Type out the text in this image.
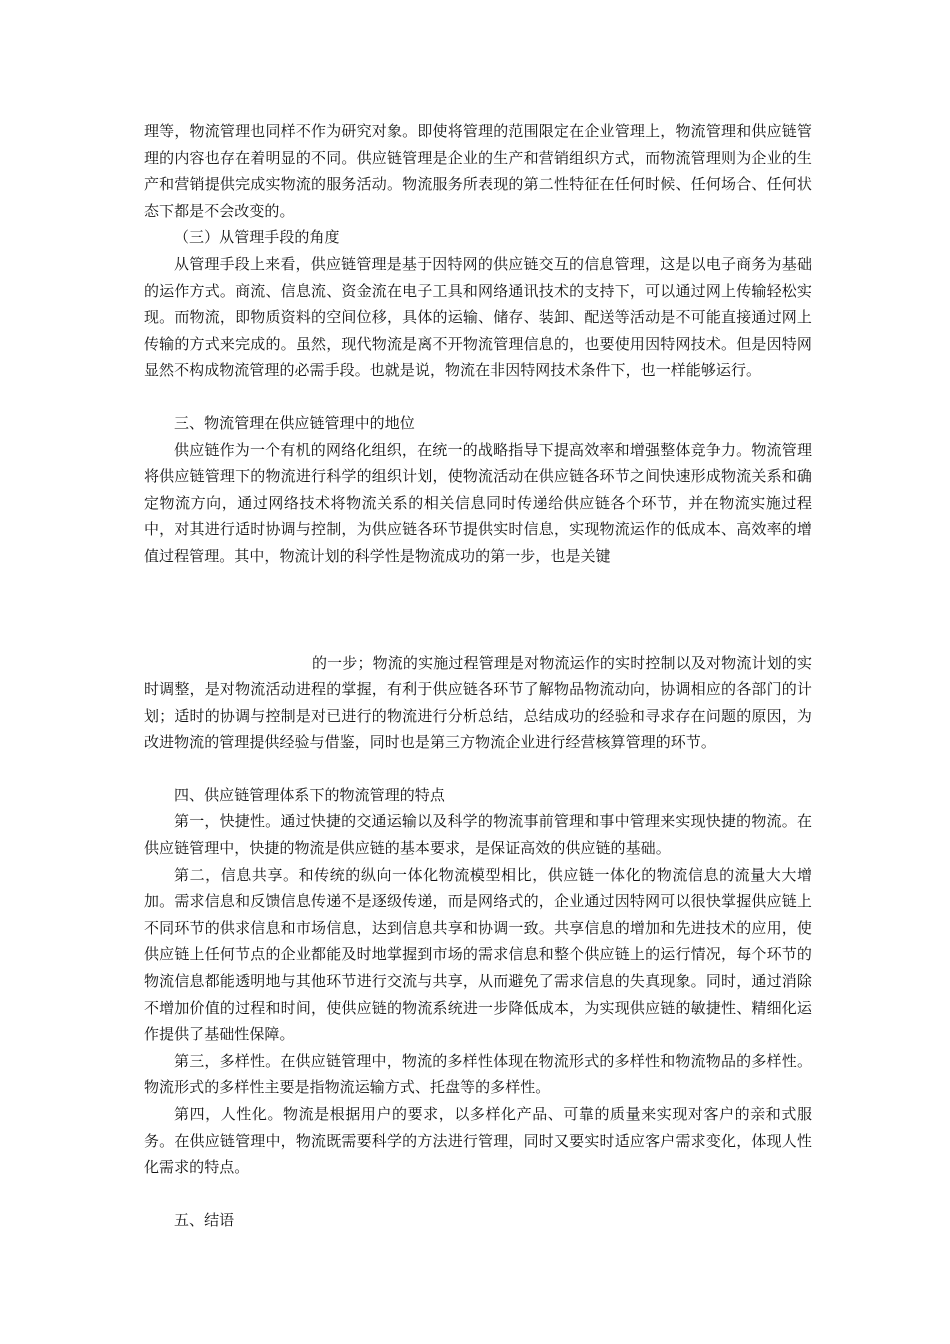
理等，物流管理也同样不作为研究对象。即使将管理的范围限定在企业管理上，物流管理和供应链管理的内容也存在着明显的不同。供应链管理是企业的生产和营销组织方式，而物流管理则为企业的生产和营销提供完成实物流的服务活动。物流服务所表现的第二性特征在任何时候、任何场合、任何状态下都是不会改变的。

（三）从管理手段的角度

从管理手段上来看，供应链管理是基于因特网的供应链交互的信息管理，这是以电子商务为基础的运作方式。商流、信息流、资金流在电子工具和网络通讯技术的支持下，可以通过网上传输轻松实现。而物流，即物质资料的空间位移，具体的运输、储存、装卸、配送等活动是不可能直接通过网上传输的方式来完成的。虽然，现代物流是离不开物流管理信息的，也要使用因特网技术。但是因特网显然不构成物流管理的必需手段。也就是说，物流在非因特网技术条件下，也一样能够运行。

三、物流管理在供应链管理中的地位

供应链作为一个有机的网络化组织，在统一的战略指导下提高效率和增强整体竞争力。物流管理将供应链管理下的物流进行科学的组织计划，使物流活动在供应链各环节之间快速形成物流关系和确定物流方向，通过网络技术将物流关系的相关信息同时传递给供应链各个环节，并在物流实施过程中，对其进行适时协调与控制，为供应链各环节提供实时信息，实现物流运作的低成本、高效率的增值过程管理。其中，物流计划的科学性是物流成功的第一步，也是关键

的一步；物流的实施过程管理是对物流运作的实时控制以及对物流计划的实时调整，是对物流活动进程的掌握，有利于供应链各环节了解物品物流动向，协调相应的各部门的计划；适时的协调与控制是对已进行的物流进行分析总结，总结成功的经验和寻求存在问题的原因，为改进物流的管理提供经验与借鉴，同时也是第三方物流企业进行经营核算管理的环节。

四、供应链管理体系下的物流管理的特点

第一，快捷性。通过快捷的交通运输以及科学的物流事前管理和事中管理来实现快捷的物流。在供应链管理中，快捷的物流是供应链的基本要求，是保证高效的供应链的基础。

第二，信息共享。和传统的纵向一体化物流模型相比，供应链一体化的物流信息的流量大大增加。需求信息和反馈信息传递不是逐级传递，而是网络式的，企业通过因特网可以很快掌握供应链上不同环节的供求信息和市场信息，达到信息共享和协调一致。共享信息的增加和先进技术的应用，使供应链上任何节点的企业都能及时地掌握到市场的需求信息和整个供应链上的运行情况，每个环节的物流信息都能透明地与其他环节进行交流与共享，从而避免了需求信息的失真现象。同时，通过消除不增加价值的过程和时间，使供应链的物流系统进一步降低成本，为实现供应链的敏捷性、精细化运作提供了基础性保障。

第三，多样性。在供应链管理中，物流的多样性体现在物流形式的多样性和物流物品的多样性。物流形式的多样性主要是指物流运输方式、托盘等的多样性。

第四，人性化。物流是根据用户的要求，以多样化产品、可靠的质量来实现对客户的亲和式服务。在供应链管理中，物流既需要科学的方法进行管理，同时又要实时适应客户需求变化，体现人性化需求的特点。

五、结语
